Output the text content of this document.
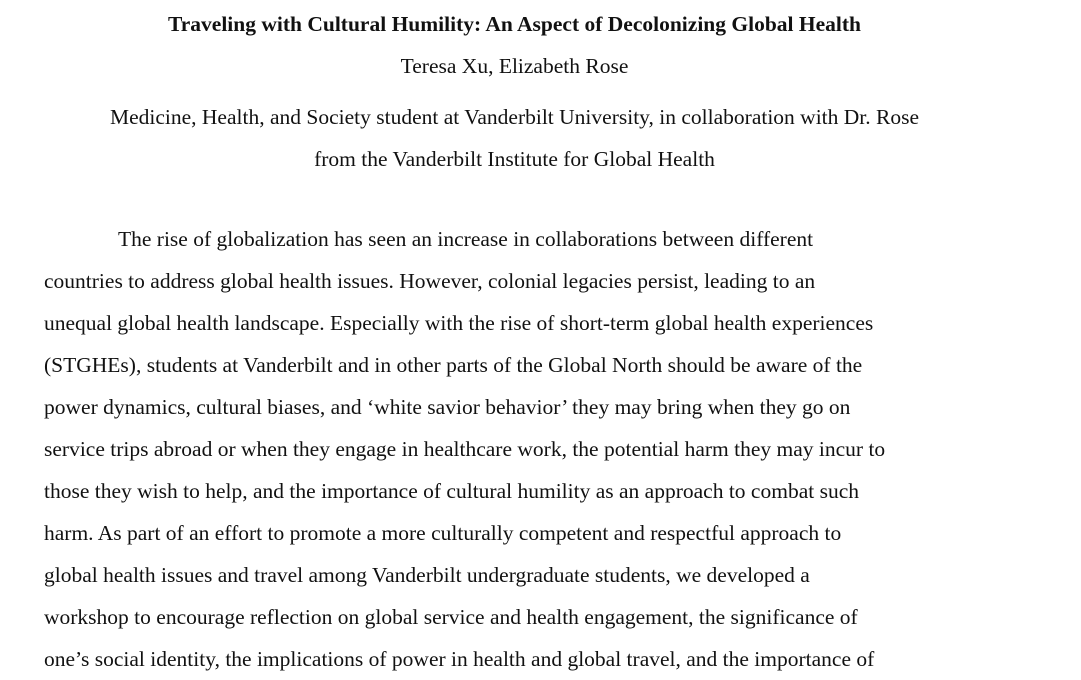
Traveling with Cultural Humility: An Aspect of Decolonizing Global Health
Teresa Xu, Elizabeth Rose
Medicine, Health, and Society student at Vanderbilt University, in collaboration with Dr. Rose
from the Vanderbilt Institute for Global Health
The rise of globalization has seen an increase in collaborations between different
countries to address global health issues. However, colonial legacies persist, leading to an
unequal global health landscape. Especially with the rise of short-term global health experiences
(STGHEs), students at Vanderbilt and in other parts of the Global North should be aware of the
power dynamics, cultural biases, and ‘white savior behavior’ they may bring when they go on
service trips abroad or when they engage in healthcare work, the potential harm they may incur to
those they wish to help, and the importance of cultural humility as an approach to combat such
harm. As part of an effort to promote a more culturally competent and respectful approach to
global health issues and travel among Vanderbilt undergraduate students, we developed a
workshop to encourage reflection on global service and health engagement, the significance of
one’s social identity, the implications of power in health and global travel, and the importance of
